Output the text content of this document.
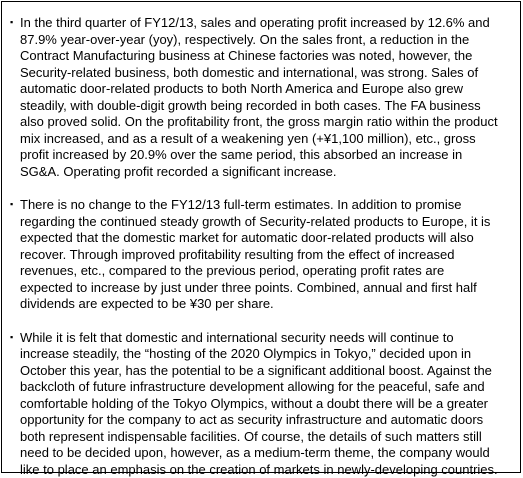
▪ In the third quarter of FY12/13, sales and operating profit increased by 12.6% and 87.9% year-over-year (yoy), respectively. On the sales front, a reduction in the Contract Manufacturing business at Chinese factories was noted, however, the Security-related business, both domestic and international, was strong. Sales of automatic door-related products to both North America and Europe also grew steadily, with double-digit growth being recorded in both cases. The FA business also proved solid. On the profitability front, the gross margin ratio within the product mix increased, and as a result of a weakening yen (+¥1,100 million), etc., gross profit increased by 20.9% over the same period, this absorbed an increase in SG&A. Operating profit recorded a significant increase.
▪ There is no change to the FY12/13 full-term estimates. In addition to promise regarding the continued steady growth of Security-related products to Europe, it is expected that the domestic market for automatic door-related products will also recover. Through improved profitability resulting from the effect of increased revenues, etc., compared to the previous period, operating profit rates are expected to increase by just under three points. Combined, annual and first half dividends are expected to be ¥30 per share.
▪ While it is felt that domestic and international security needs will continue to increase steadily, the “hosting of the 2020 Olympics in Tokyo,” decided upon in October this year, has the potential to be a significant additional boost. Against the backcloth of future infrastructure development allowing for the peaceful, safe and comfortable holding of the Tokyo Olympics, without a doubt there will be a greater opportunity for the company to act as security infrastructure and automatic doors both represent indispensable facilities. Of course, the details of such matters still need to be decided upon, however, as a medium-term theme, the company would like to place an emphasis on the creation of markets in newly-developing countries.
